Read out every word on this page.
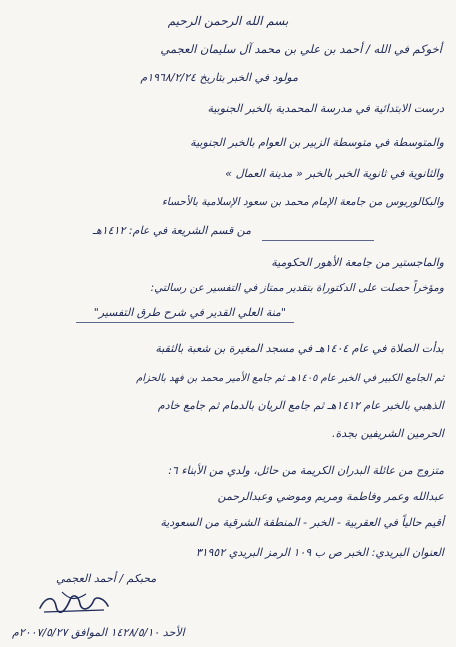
بسم الله الرحمن الرحيم
أخوكم في الله / أحمد بن علي بن محمد آل سليمان العجمي
مولود في الخبر بتاريخ ١٩٦٨/٢/٢٤م
درست الابتدائية في مدرسة المحمدية بالخبر الجنوبية
والمتوسطة في متوسطة الزبير بن العوام بالخبر الجنوبية
والثانوية في ثانوية الخبر بالخبر « مدينة العمال »
والبكالوريوس من جامعة الإمام محمد بن سعود الإسلامية بالأحساء
من قسم الشريعة في عام: ١٤١٢هـ
والماجستير من جامعة الأهور الحكومية
ومؤخراً حصلت على الدكتوراة بتقدير ممتاز في التفسير عن رسالتي:
"منة العلي القدير في شرح طرق التفسير"
بدأت الصلاة في عام ١٤٠٤هـ في مسجد المغيرة بن شعبة بالثقبة
ثم الجامع الكبير في الخبر عام ١٤٠٥هـ ثم جامع الأمير محمد بن فهد بالحزام
الذهبي بالخبر عام ١٤١٢هـ ثم جامع الريان بالدمام ثم جامع خادم
الحرمين الشريفين بجدة.
متزوج من عائلة البدران الكريمة من حائل، ولدي من الأبناء ٦:
عبدالله وعمر وفاطمة ومريم وموضي وعبدالرحمن
أقيم حالياً في العقربية - الخبر - المنطقة الشرقية من السعودية
العنوان البريدي: الخبر ص ب ١٠٩ الرمز البريدي ٣١٩٥٢
محبكم / أحمد العجمي
الأحد ١٤٢٨/٥/١٠ الموافق ٢٠٠٧/٥/٢٧م
